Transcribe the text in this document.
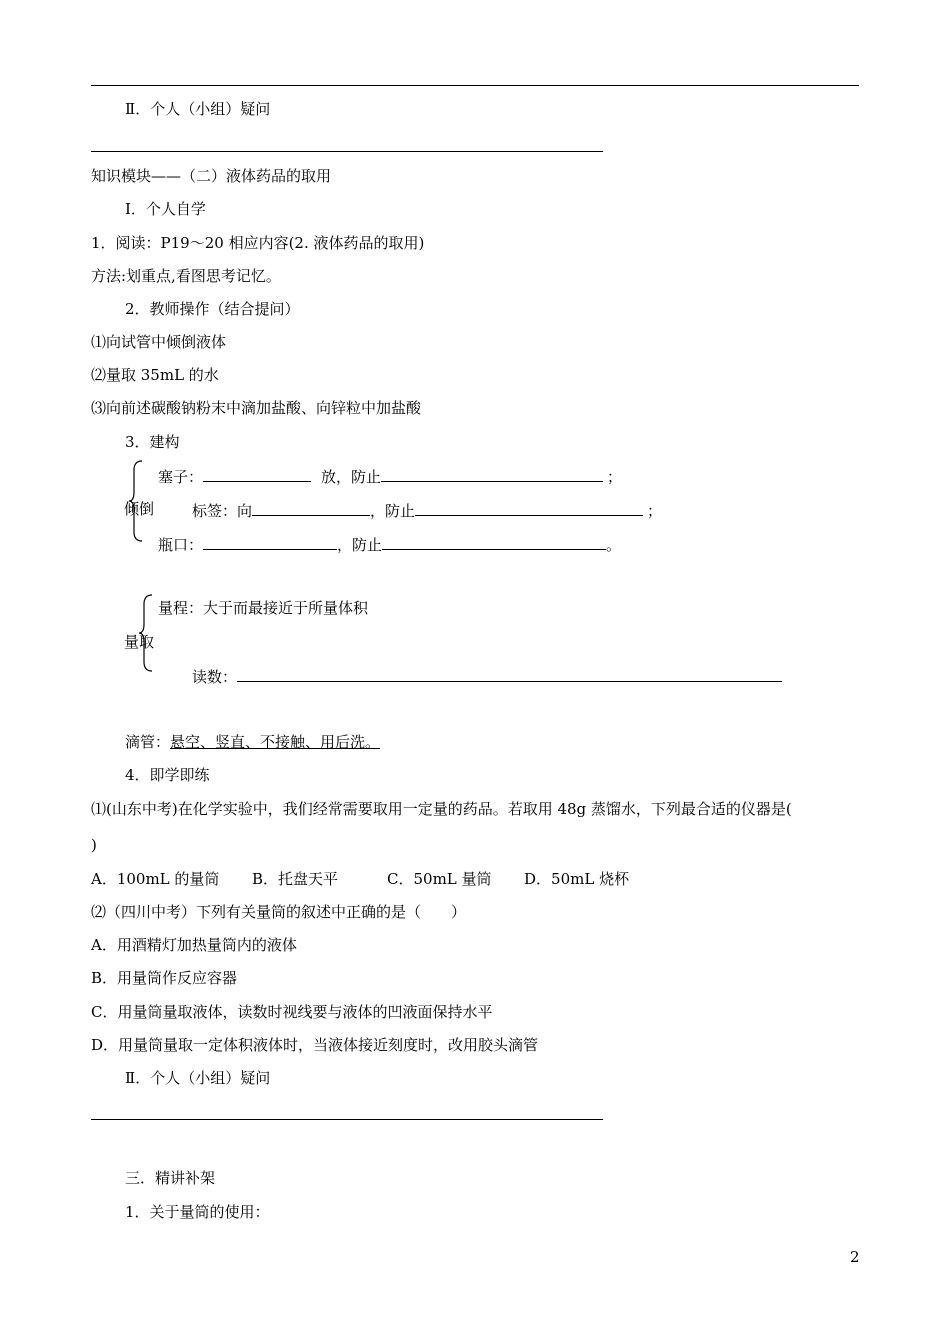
Ⅱ．个人（小组）疑问
知识模块——（二）液体药品的取用
Ⅰ．个人自学
1．阅读：P19～20 相应内容(2. 液体药品的取用)
方法:划重点,看图思考记忆。
2．教师操作（结合提问）
⑴向试管中倾倒液体
⑵量取 35mL 的水
⑶向前述碳酸钠粉末中滴加盐酸、向锌粒中加盐酸
3．建构
倾倒
塞子：	放，防止	；
标签：向	，防止	；
瓶口：	，防止	。
量取
量程：大于而最接近于所量体积
读数：
滴管：悬空、竖直、不接触、用后洗。
4．即学即练
⑴(山东中考)在化学实验中，我们经常需要取用一定量的药品。若取用 48g 蒸馏水，下列最合适的仪器是(
)
A．100mL 的量筒 B．托盘天平	C．50mL 量筒 D．50mL 烧杯
⑵（四川中考）下列有关量筒的叙述中正确的是（　　）
A．用酒精灯加热量筒内的液体
B．用量筒作反应容器
C．用量筒量取液体，读数时视线要与液体的凹液面保持水平
D．用量筒量取一定体积液体时，当液体接近刻度时，改用胶头滴管
Ⅱ．个人（小组）疑问
三．精讲补架
1．关于量筒的使用：
2
